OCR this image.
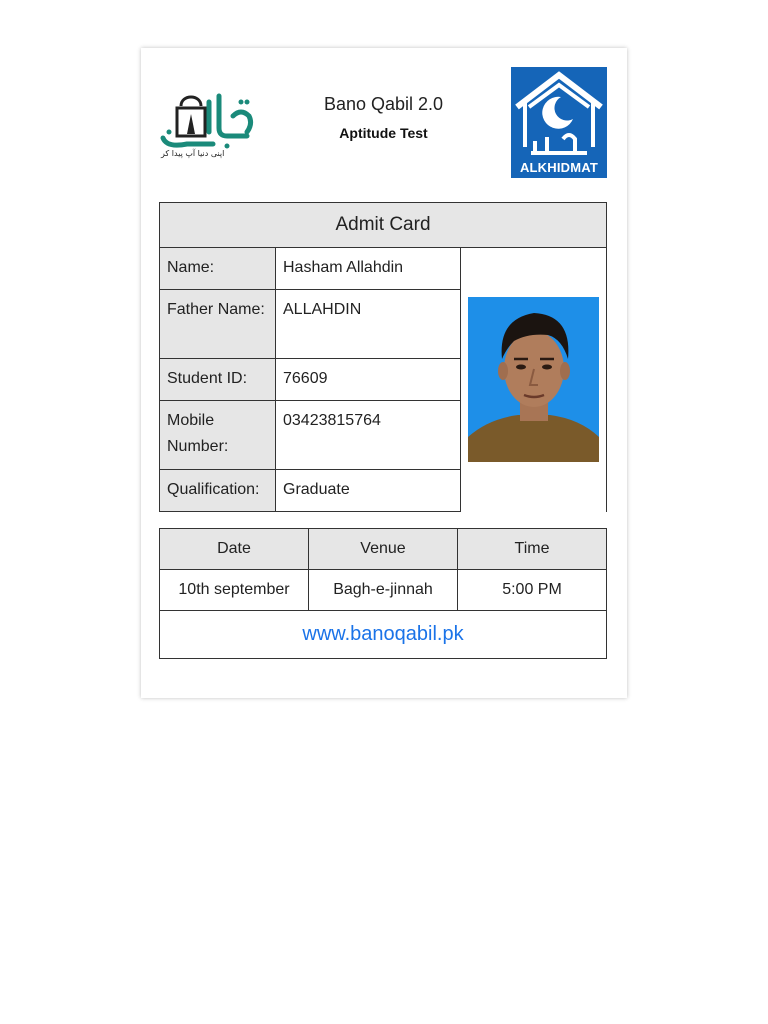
اپنی دنیا آپ پیدا کر
Bano Qabil 2.0
Aptitude Test
ALKHIDMAT
Admit Card		
Name:	Hasham Allahdin	

Father Name:	ALLAHDIN	
Student ID:	76609	
Mobile Number:	03423815764	
Qualification:	Graduate	
Date	Venue	Time
10th september	Bagh-e-jinnah	5:00 PM
www.banoqabil.pk		
